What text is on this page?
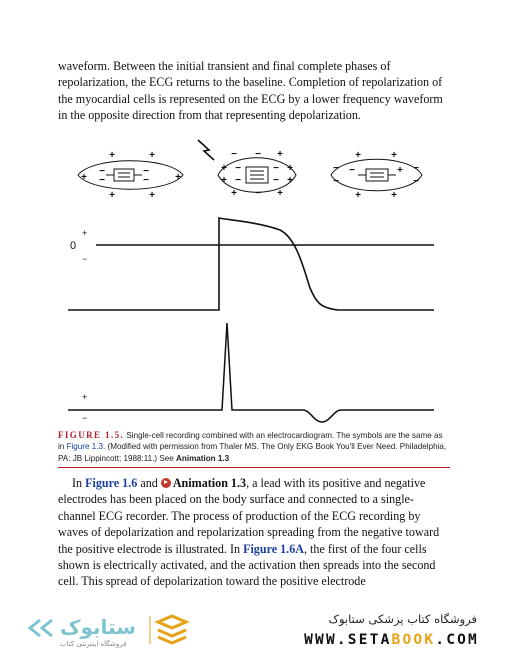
waveform. Between the initial transient and final complete phases of repolarization, the ECG returns to the baseline. Completion of repolarization of the myocardial cells is represented on the ECG by a lower frequency waveform in the opposite direction from that representing depolarization.

+	+
+	+
+	+
−	−
−	−
− − +
+
+
+
+
+ − +
−
−
−
−
+	+
−	−
−	−
+	+
−	+
0
+
−
+
−
FIGURE 1.5. Single-cell recording combined with an electrocardiogram. The symbols are the same as in Figure 1.3. (Modified with permission from Thaler MS. The Only EKG Book You'll Ever Need. Philadelphia, PA: JB Lippincott; 1988:11.) See Animation 1.3

In Figure 1.6 and Animation 1.3, a lead with its positive and negative electrodes has been placed on the body surface and connected to a single-channel ECG recorder. The process of production of the ECG recording by waves of depolarization and repolarization spreading from the negative toward the positive electrode is illustrated. In Figure 1.6A, the first of the four cells shown is electrically activated, and the activation then spreads into the second cell. This spread of depolarization toward the positive electrode

ستابوک
فروشگاه اینترنتی کتاب
فروشگاه کتاب پزشکی ستابوک
WWW.SETABOOK.COM
